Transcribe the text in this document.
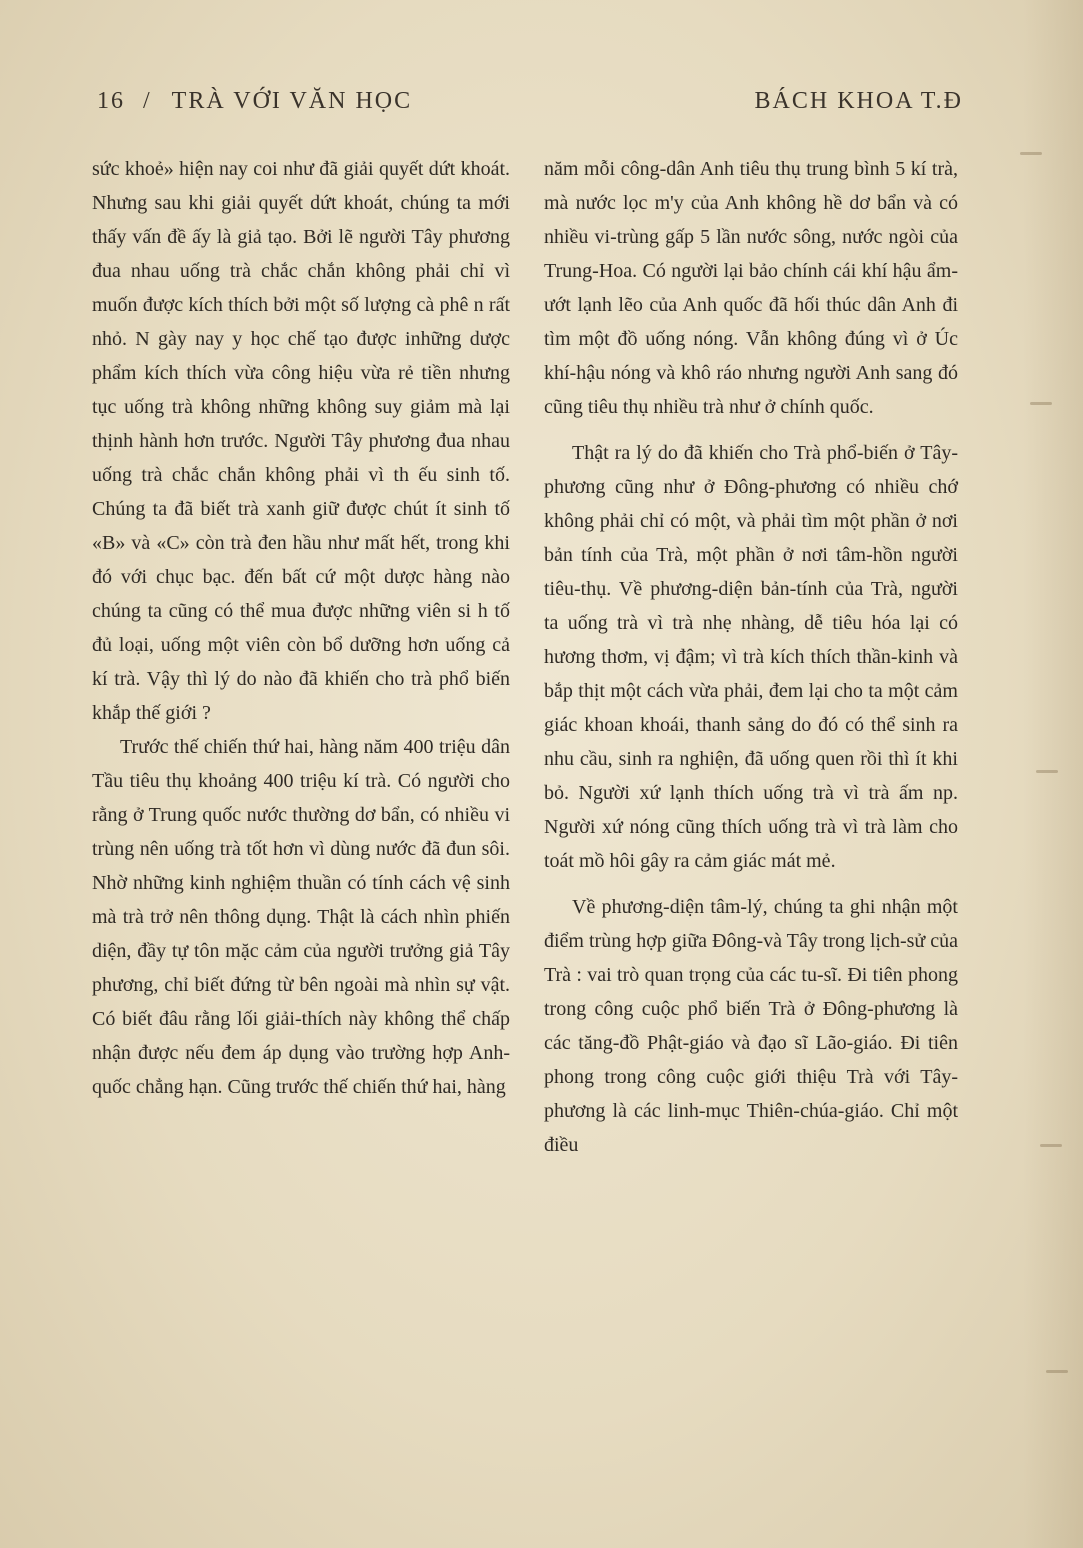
16 / TRÀ VỚI VĂN HỌC	BÁCH KHOA T.Đ

sức khoẻ» hiện nay coi như đã giải quyết dứt khoát. Nhưng sau khi giải quyết dứt khoát, chúng ta mới thấy vấn đề ấy là giả tạo. Bởi lẽ người Tây phương đua nhau uống trà chắc chắn không phải chỉ vì muốn được kích thích bởi một số lượng cà phê n rất nhỏ. N gày nay y học chế tạo được inhững dược phẩm kích thích vừa công hiệu vừa rẻ tiền nhưng tục uống trà không những không suy giảm mà lại thịnh hành hơn trước. Người Tây phương đua nhau uống trà chắc chắn không phải vì th ếu sinh tố. Chúng ta đã biết trà xanh giữ được chút ít sinh tố «B» và «C» còn trà đen hầu như mất hết, trong khi đó với chục bạc. đến bất cứ một dược hàng nào chúng ta cũng có thể mua được những viên si h tố đủ loại, uống một viên còn bổ dưỡng hơn uống cả kí trà. Vậy thì lý do nào đã khiến cho trà phổ biến khắp thế giới ?

Trước thế chiến thứ hai, hàng năm 400 triệu dân Tầu tiêu thụ khoảng 400 triệu kí trà. Có người cho rằng ở Trung quốc nước thường dơ bẩn, có nhiều vi trùng nên uống trà tốt hơn vì dùng nước đã đun sôi. Nhờ những kinh nghiệm thuần có tính cách vệ sinh mà trà trở nên thông dụng. Thật là cách nhìn phiến diện, đầy tự tôn mặc cảm của người trưởng giả Tây phương, chỉ biết đứng từ bên ngoài mà nhìn sự vật. Có biết đâu rằng lối giải-thích này không thể chấp nhận được nếu đem áp dụng vào trường hợp Anh-quốc chẳng hạn. Cũng trước thế chiến thứ hai, hàng

năm mỗi công-dân Anh tiêu thụ trung bình 5 kí trà, mà nước lọc m'y của Anh không hề dơ bẩn và có nhiều vi-trùng gấp 5 lần nước sông, nước ngòi của Trung-Hoa. Có người lại bảo chính cái khí hậu ẩm-ướt lạnh lẽo của Anh quốc đã hối thúc dân Anh đi tìm một đồ uống nóng. Vẫn không đúng vì ở Úc khí-hậu nóng và khô ráo nhưng người Anh sang đó cũng tiêu thụ nhiều trà như ở chính quốc.

Thật ra lý do đã khiến cho Trà phổ-biến ở Tây-phương cũng như ở Đông-phương có nhiều chớ không phải chỉ có một, và phải tìm một phần ở nơi bản tính của Trà, một phần ở nơi tâm-hồn người tiêu-thụ. Về phương-diện bản-tính của Trà, người ta uống trà vì trà nhẹ nhàng, dễ tiêu hóa lại có hương thơm, vị đậm; vì trà kích thích thần-kinh và bắp thịt một cách vừa phải, đem lại cho ta một cảm giác khoan khoái, thanh sảng do đó có thể sinh ra nhu cầu, sinh ra nghiện, đã uống quen rồi thì ít khi bỏ. Người xứ lạnh thích uống trà vì trà ấm np. Người xứ nóng cũng thích uống trà vì trà làm cho toát mồ hôi gây ra cảm giác mát mẻ.

Về phương-diện tâm-lý, chúng ta ghi nhận một điểm trùng hợp giữa Đông-và Tây trong lịch-sử của Trà : vai trò quan trọng của các tu-sĩ. Đi tiên phong trong công cuộc phổ biến Trà ở Đông-phương là các tăng-đồ Phật-giáo và đạo sĩ Lão-giáo. Đi tiên phong trong công cuộc giới thiệu Trà với Tây-phương là các linh-mục Thiên-chúa-giáo. Chỉ một điều
